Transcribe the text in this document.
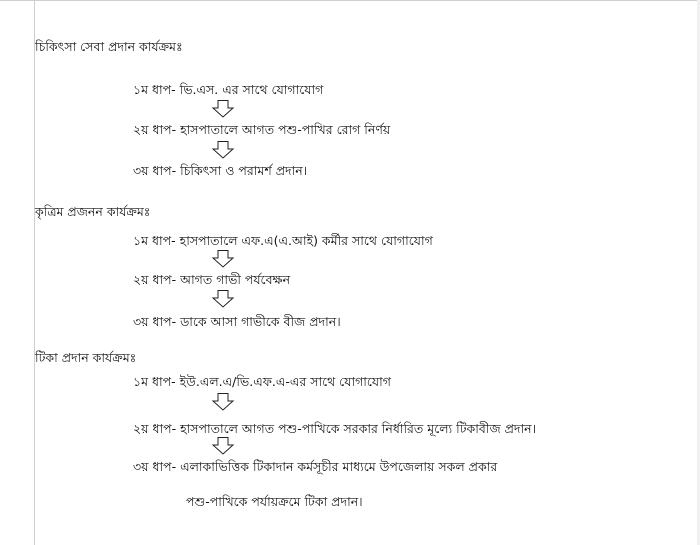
চিকিৎসা সেবা প্রদান কার্যক্রমঃ
১ম ধাপ- ভি.এস. এর সাথে যোগাযোগ
২য় ধাপ- হাসপাতালে আগত পশু-পাখির রোগ নির্ণয়
৩য় ধাপ- চিকিৎসা ও পরামর্শ প্রদান।
কৃত্রিম প্রজনন কার্যক্রমঃ
১ম ধাপ- হাসপাতালে এফ.এ(এ.আই) কর্মীর সাথে যোগাযোগ
২য় ধাপ- আগত গাভী পর্যবেক্ষন
৩য় ধাপ- ডাকে আসা গাভীকে বীজ প্রদান।
টিকা প্রদান কার্যক্রমঃ
১ম ধাপ- ইউ.এল.এ/ভি.এফ.এ-এর সাথে যোগাযোগ
২য় ধাপ- হাসপাতালে আগত পশু-পাখিকে সরকার নির্ধারিত মূল্যে টিকাবীজ প্রদান।
৩য় ধাপ- এলাকাভিত্তিক টিকাদান কর্মসূচীর মাধ্যমে উপজেলায় সকল প্রকার
পশু-পাখিকে পর্যায়ক্রমে টিকা প্রদান।
